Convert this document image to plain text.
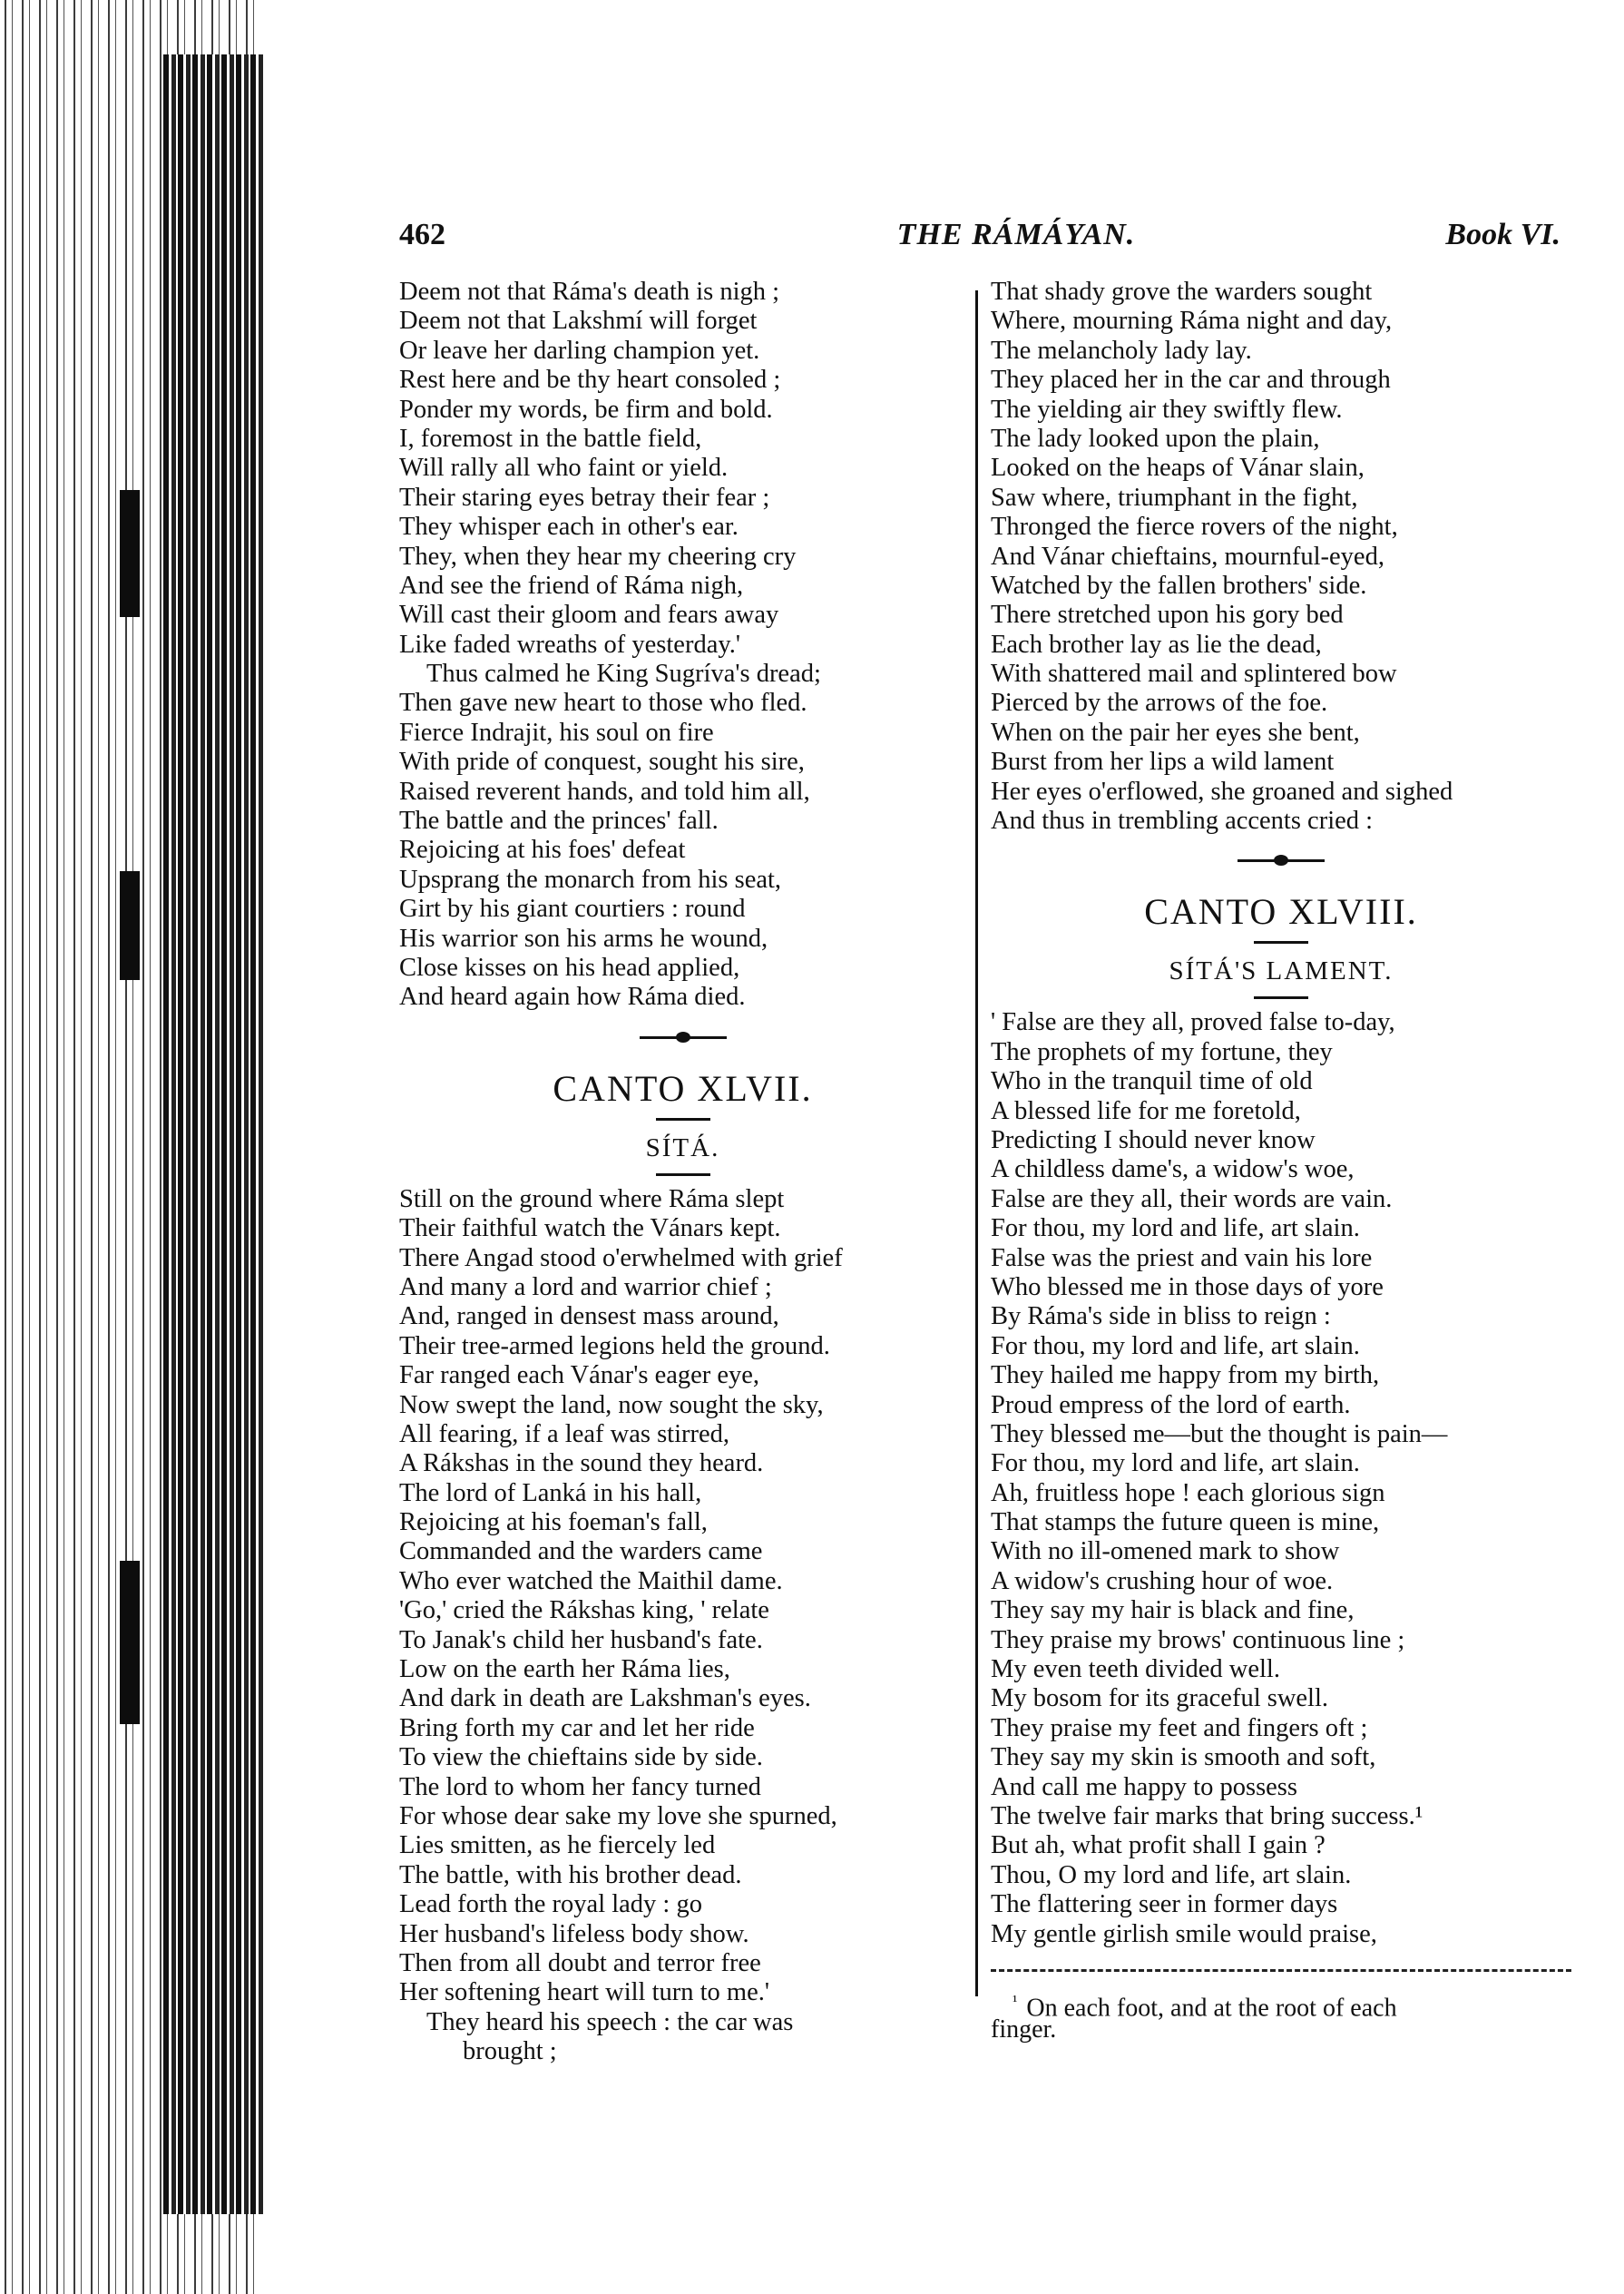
462	THE RÁMÁYAN.	Book VI.
Deem not that Ráma's death is nigh ;
Deem not that Lakshmí will forget
Or leave her darling champion yet.
Rest here and be thy heart consoled ;
Ponder my words, be firm and bold.
I, foremost in the battle field,
Will rally all who faint or yield.
Their staring eyes betray their fear ;
They whisper each in other's ear.
They, when they hear my cheering cry
And see the friend of Ráma nigh,
Will cast their gloom and fears away
Like faded wreaths of yesterday.'
Thus calmed he King Sugríva's dread;
Then gave new heart to those who fled.
Fierce Indrajit, his soul on fire
With pride of conquest, sought his sire,
Raised reverent hands, and told him all,
The battle and the princes' fall.
Rejoicing at his foes' defeat
Upsprang the monarch from his seat,
Girt by his giant courtiers : round
His warrior son his arms he wound,
Close kisses on his head applied,
And heard again how Ráma died.
CANTO XLVII.
SÍTÁ.
Still on the ground where Ráma slept
Their faithful watch the Vánars kept.
There Angad stood o'erwhelmed with grief
And many a lord and warrior chief ;
And, ranged in densest mass around,
Their tree-armed legions held the ground.
Far ranged each Vánar's eager eye,
Now swept the land, now sought the sky,
All fearing, if a leaf was stirred,
A Rákshas in the sound they heard.
The lord of Lanká in his hall,
Rejoicing at his foeman's fall,
Commanded and the warders came
Who ever watched the Maithil dame.
'Go,' cried the Rákshas king, ' relate
To Janak's child her husband's fate.
Low on the earth her Ráma lies,
And dark in death are Lakshman's eyes.
Bring forth my car and let her ride
To view the chieftains side by side.
The lord to whom her fancy turned
For whose dear sake my love she spurned,
Lies smitten, as he fiercely led
The battle, with his brother dead.
Lead forth the royal lady : go
Her husband's lifeless body show.
Then from all doubt and terror free
Her softening heart will turn to me.'
They heard his speech : the car was
brought ;
That shady grove the warders sought
Where, mourning Ráma night and day,
The melancholy lady lay.
They placed her in the car and through
The yielding air they swiftly flew.
The lady looked upon the plain,
Looked on the heaps of Vánar slain,
Saw where, triumphant in the fight,
Thronged the fierce rovers of the night,
And Vánar chieftains, mournful-eyed,
Watched by the fallen brothers' side.
There stretched upon his gory bed
Each brother lay as lie the dead,
With shattered mail and splintered bow
Pierced by the arrows of the foe.
When on the pair her eyes she bent,
Burst from her lips a wild lament
Her eyes o'erflowed, she groaned and sighed
And thus in trembling accents cried :
CANTO XLVIII.
SÍTÁ'S LAMENT.
' False are they all, proved false to-day,
The prophets of my fortune, they
Who in the tranquil time of old
A blessed life for me foretold,
Predicting I should never know
A childless dame's, a widow's woe,
False are they all, their words are vain.
For thou, my lord and life, art slain.
False was the priest and vain his lore
Who blessed me in those days of yore
By Ráma's side in bliss to reign :
For thou, my lord and life, art slain.
They hailed me happy from my birth,
Proud empress of the lord of earth.
They blessed me—but the thought is pain—
For thou, my lord and life, art slain.
Ah, fruitless hope ! each glorious sign
That stamps the future queen is mine,
With no ill-omened mark to show
A widow's crushing hour of woe.
They say my hair is black and fine,
They praise my brows' continuous line ;
My even teeth divided well.
My bosom for its graceful swell.
They praise my feet and fingers oft ;
They say my skin is smooth and soft,
And call me happy to possess
The twelve fair marks that bring success.¹
But ah, what profit shall I gain ?
Thou, O my lord and life, art slain.
The flattering seer in former days
My gentle girlish smile would praise,
$^{^1}$ On each foot, and at the root of each
finger.
